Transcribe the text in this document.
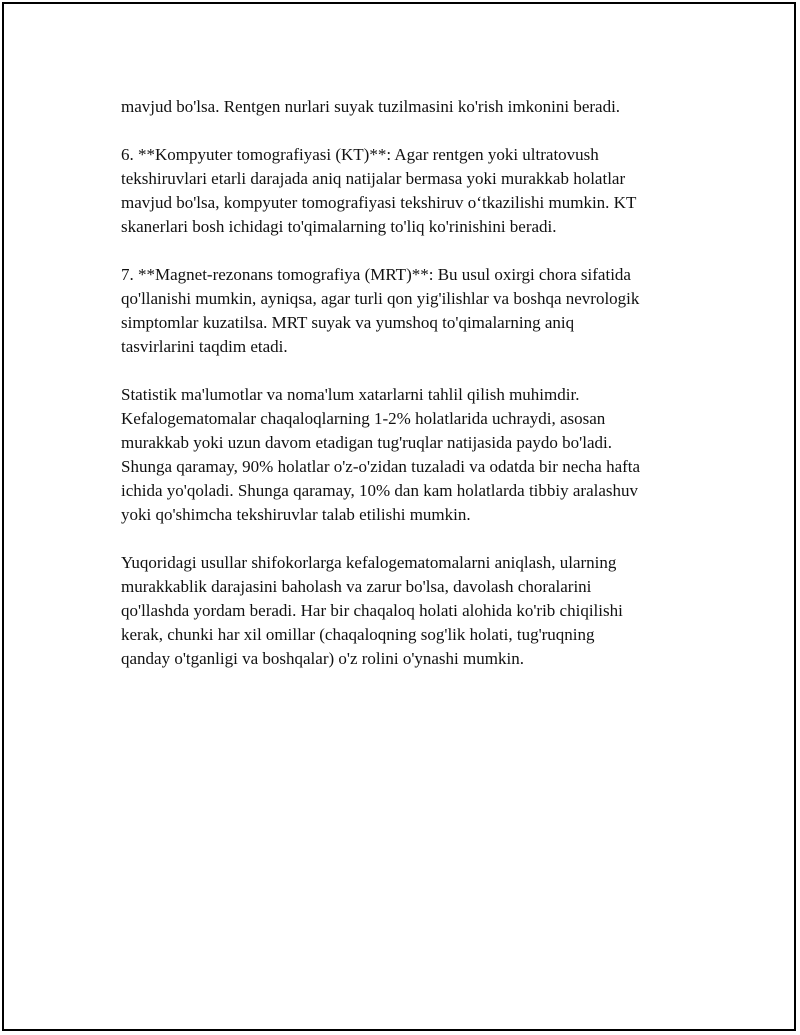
mavjud bo'lsa. Rentgen nurlari suyak tuzilmasini ko'rish imkonini beradi.

6. **Kompyuter tomografiyasi (KT)**: Agar rentgen yoki ultratovush
tekshiruvlari etarli darajada aniq natijalar bermasa yoki murakkab holatlar
mavjud bo'lsa, kompyuter tomografiyasi tekshiruv o‘tkazilishi mumkin. KT
skanerlari bosh ichidagi to'qimalarning to'liq ko'rinishini beradi.

7. **Magnet-rezonans tomografiya (MRT)**: Bu usul oxirgi chora sifatida
qo'llanishi mumkin, ayniqsa, agar turli qon yig'ilishlar va boshqa nevrologik
simptomlar kuzatilsa. MRT suyak va yumshoq to'qimalarning aniq
tasvirlarini taqdim etadi.

Statistik ma'lumotlar va noma'lum xatarlarni tahlil qilish muhimdir.
Kefalogematomalar chaqaloqlarning 1-2% holatlarida uchraydi, asosan
murakkab yoki uzun davom etadigan tug'ruqlar natijasida paydo bo'ladi.
Shunga qaramay, 90% holatlar o'z-o'zidan tuzaladi va odatda bir necha hafta
ichida yo'qoladi. Shunga qaramay, 10% dan kam holatlarda tibbiy aralashuv
yoki qo'shimcha tekshiruvlar talab etilishi mumkin.

Yuqoridagi usullar shifokorlarga kefalogematomalarni aniqlash, ularning
murakkablik darajasini baholash va zarur bo'lsa, davolash choralarini
qo'llashda yordam beradi. Har bir chaqaloq holati alohida ko'rib chiqilishi
kerak, chunki har xil omillar (chaqaloqning sog'lik holati, tug'ruqning
qanday o'tganligi va boshqalar) o'z rolini o'ynashi mumkin.
